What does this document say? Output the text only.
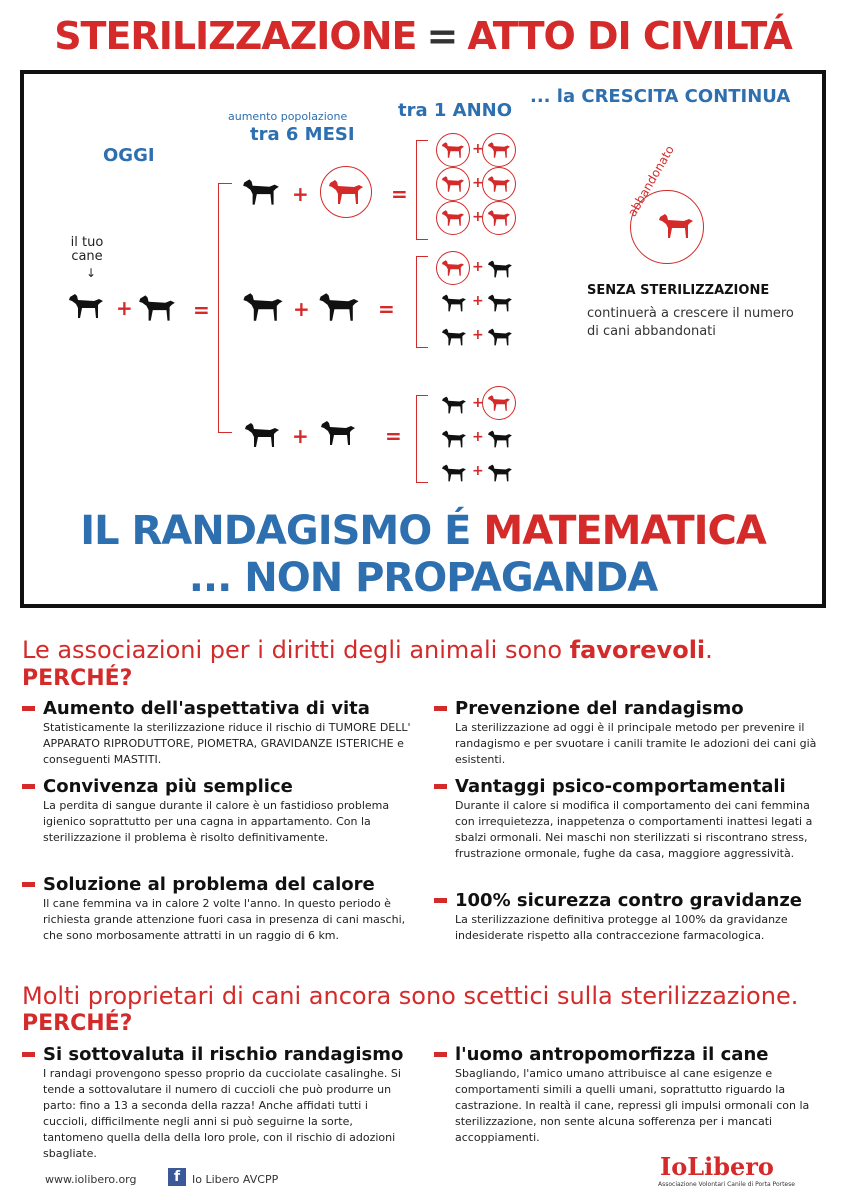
STERILIZZAZIONE = ATTO DI CIVILTÁ
OGGI
aumento popolazione
tra 6 MESI
tra 1 ANNO
... la CRESCITA CONTINUA
il tuo cane
↓
+	=
+	=
+	=
+	=
+
+
+
+
+
+
+
+
+
abbandonato
SENZA STERILIZZAZIONE
continuerà a crescere il numero di cani abbandonati
IL RANDAGISMO É MATEMATICA
... NON PROPAGANDA
Le associazioni per i diritti degli animali sono favorevoli.
PERCHÉ?
Aumento dell'aspettativa di vita
Statisticamente la sterilizzazione riduce il rischio di TUMORE DELL' APPARATO RIPRODUTTORE, PIOMETRA, GRAVIDANZE ISTERICHE e conseguenti MASTITI.
Convivenza più semplice
La perdita di sangue durante il calore è un fastidioso problema igienico soprattutto per una cagna in appartamento. Con la sterilizzazione il problema è risolto definitivamente.
Soluzione al problema del calore
Il cane femmina va in calore 2 volte l'anno. In questo periodo è richiesta grande attenzione fuori casa in presenza di cani maschi, che sono morbosamente attratti in un raggio di 6 km.
Prevenzione del randagismo
La sterilizzazione ad oggi è il principale metodo per prevenire il randagismo e per svuotare i canili tramite le adozioni dei cani già esistenti.
Vantaggi psico-comportamentali
Durante il calore si modifica il comportamento dei cani femmina con irrequietezza, inappetenza o comportamenti inattesi legati a sbalzi ormonali. Nei maschi non sterilizzati si riscontrano stress, frustrazione ormonale, fughe da casa, maggiore aggressività.
100% sicurezza contro gravidanze
La sterilizzazione definitiva protegge al 100% da gravidanze indesiderate rispetto alla contraccezione farmacologica.
Molti proprietari di cani ancora sono scettici sulla sterilizzazione.
PERCHÉ?
Si sottovaluta il rischio randagismo
I randagi provengono spesso proprio da cucciolate casalinghe. Si tende a sottovalutare il numero di cuccioli che può produrre un parto: fino a 13 a seconda della razza! Anche affidati tutti i cuccioli, difficilmente negli anni si può seguirne la sorte, tantomeno quella della della loro prole, con il rischio di adozioni sbagliate.
l'uomo antropomorfizza il cane
Sbagliando, l'amico umano attribuisce al cane esigenze e comportamenti simili a quelli umani, soprattutto riguardo la castrazione. In realtà il cane, repressi gli impulsi ormonali con la sterilizzazione, non sente alcuna sofferenza per i mancati accoppiamenti.
www.iolibero.org	f	Io Libero AVCPP	IoLibero
Associazione Volontari Canile di Porta Portese
